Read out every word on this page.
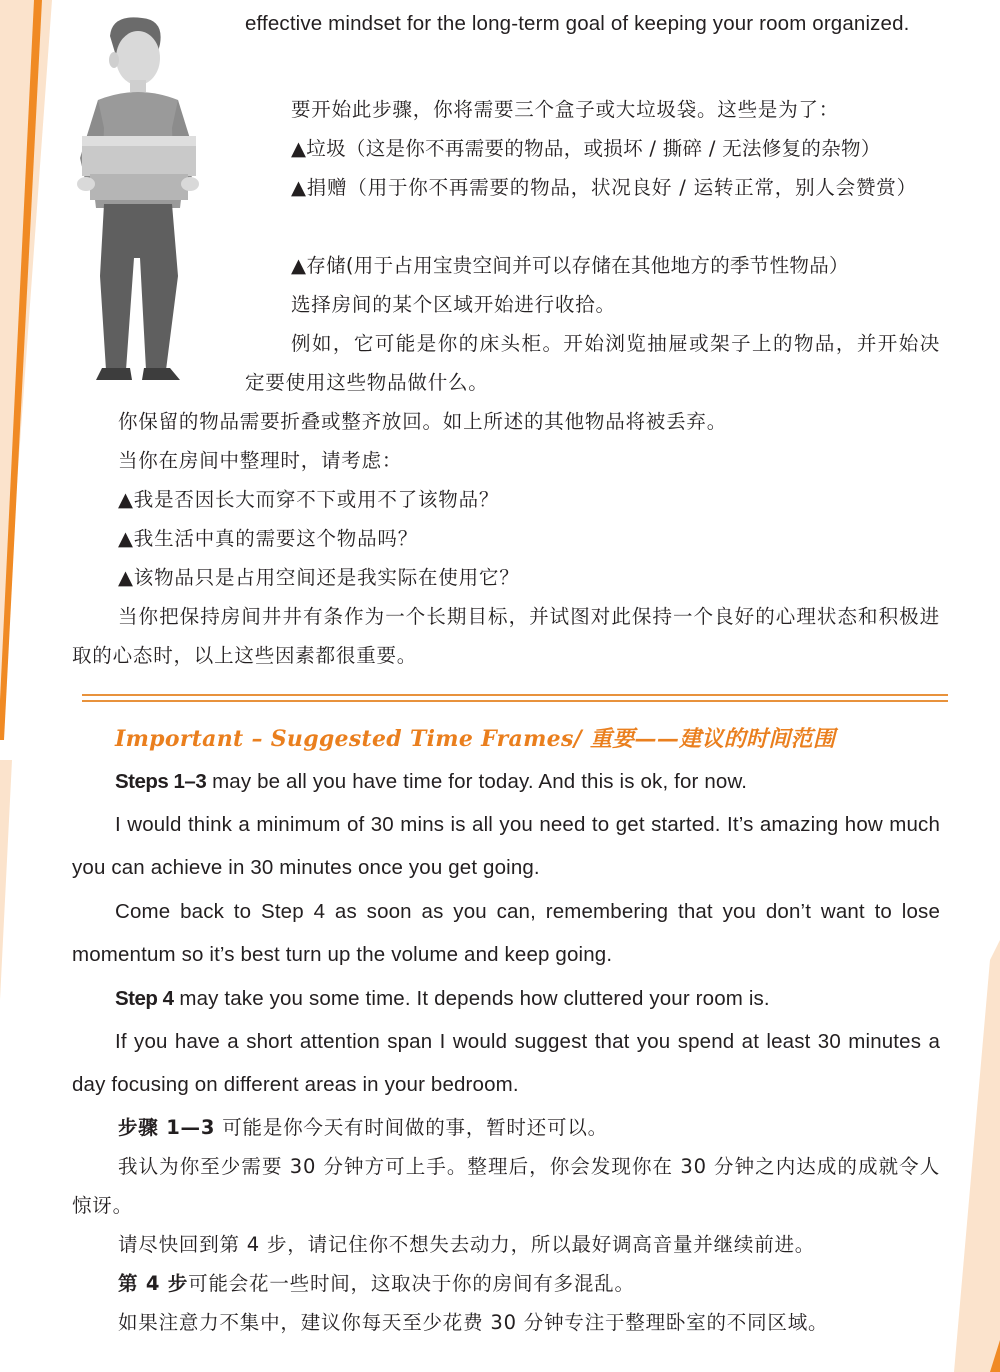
effective mindset for the long-term goal of keeping your room organized.

要开始此步骤，你将需要三个盒子或大垃圾袋。这些是为了：

▲垃圾（这是你不再需要的物品，或损坏 / 撕碎 / 无法修复的杂物）

▲捐赠（用于你不再需要的物品，状况良好 / 运转正常，别人会赞赏）

▲存储(用于占用宝贵空间并可以存储在其他地方的季节性物品）

选择房间的某个区域开始进行收拾。

例如，它可能是你的床头柜。开始浏览抽屉或架子上的物品，并开始决定要使用这些物品做什么。

你保留的物品需要折叠或整齐放回。如上所述的其他物品将被丢弃。

当你在房间中整理时，请考虑：

▲我是否因长大而穿不下或用不了该物品？

▲我生活中真的需要这个物品吗？

▲该物品只是占用空间还是我实际在使用它？

当你把保持房间井井有条作为一个长期目标，并试图对此保持一个良好的心理状态和积极进取的心态时，以上这些因素都很重要。

Important – Suggested Time Frames/ 重要——建议的时间范围

Steps 1–3 may be all you have time for today. And this is ok, for now.

I would think a minimum of 30 mins is all you need to get started. It’s amazing how much you can achieve in 30 minutes once you get going.

Come back to Step 4 as soon as you can, remembering that you don’t want to lose momentum so it’s best turn up the volume and keep going.

Step 4 may take you some time. It depends how cluttered your room is.

If you have a short attention span I would suggest that you spend at least 30 minutes a day focusing on different areas in your bedroom.

步骤 1—3 可能是你今天有时间做的事，暂时还可以。

我认为你至少需要 30 分钟方可上手。整理后，你会发现你在 30 分钟之内达成的成就令人惊讶。

请尽快回到第 4 步，请记住你不想失去动力，所以最好调高音量并继续前进。

第 4 步可能会花一些时间，这取决于你的房间有多混乱。

如果注意力不集中，建议你每天至少花费 30 分钟专注于整理卧室的不同区域。
